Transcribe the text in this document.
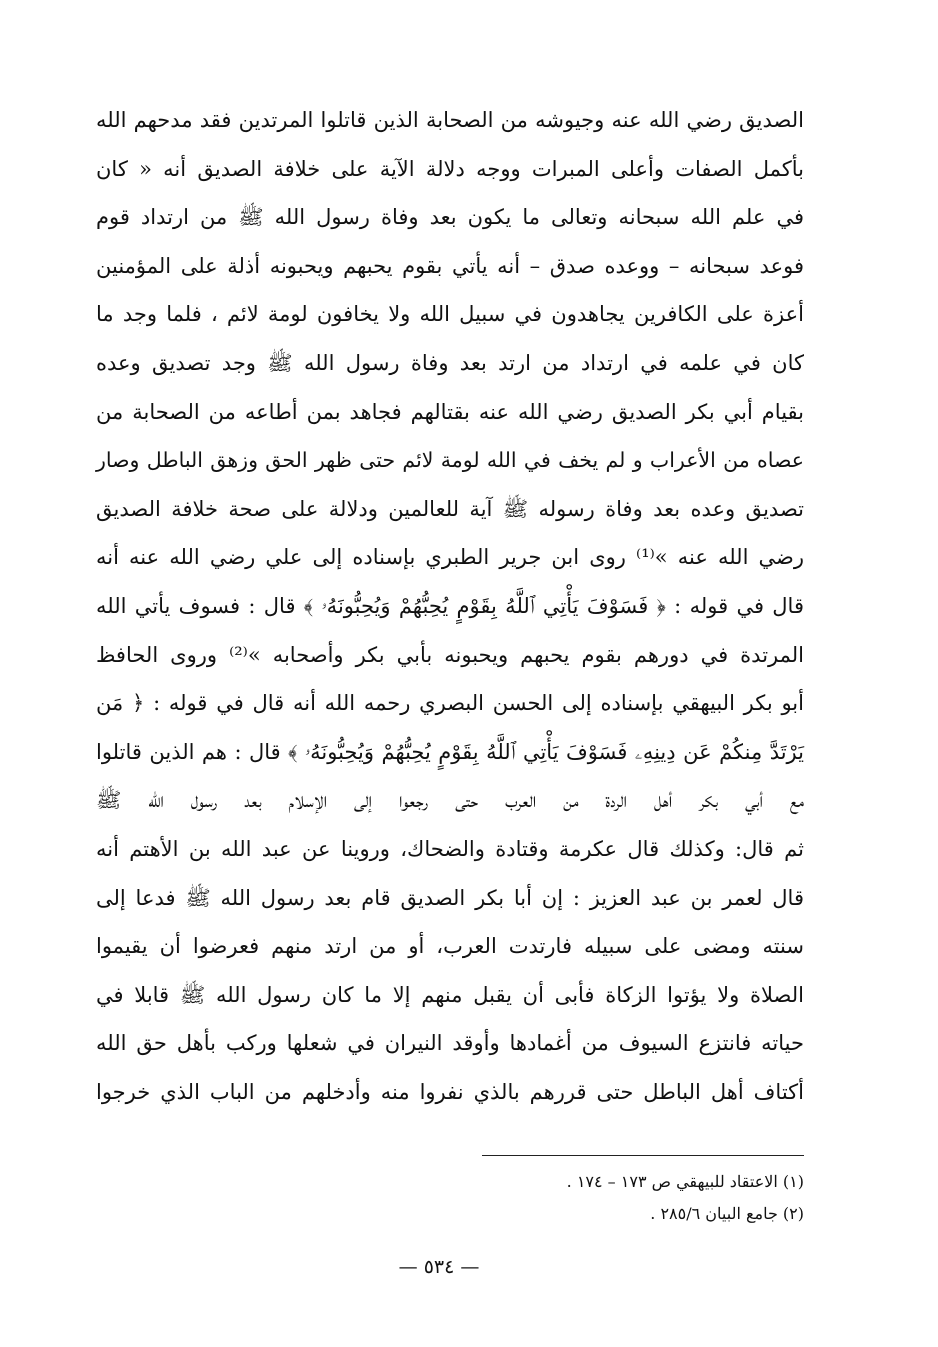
الصديق رضي الله عنه وجيوشه من الصحابة الذين قاتلوا المرتدين فقد مدحهم الله
بأكمل الصفات وأعلى المبرات ووجه دلالة الآية على خلافة الصديق أنه « كان
في علم الله سبحانه وتعالى ما يكون بعد وفاة رسول الله ﷺ من ارتداد قوم
فوعد سبحانه – ووعده صدق – أنه يأتي بقوم يحبهم ويحبونه أذلة على المؤمنين
أعزة على الكافرين يجاهدون في سبيل الله ولا يخافون لومة لائم ، فلما وجد ما
كان في علمه في ارتداد من ارتد بعد وفاة رسول الله ﷺ وجد تصديق وعده
بقيام أبي بكر الصديق رضي الله عنه بقتالهم فجاهد بمن أطاعه من الصحابة من
عصاه من الأعراب و لم يخف في الله لومة لائم حتى ظهر الحق وزهق الباطل وصار
تصديق وعده بعد وفاة رسوله ﷺ آية للعالمين ودلالة على صحة خلافة الصديق
رضي الله عنه »⁽¹⁾ روى ابن جرير الطبري بإسناده إلى علي رضي الله عنه أنه
قال في قوله : ﴿ فَسَوْفَ يَأْتِي ٱللَّهُ بِقَوْمٍ يُحِبُّهُمْ وَيُحِبُّونَهُۥ ﴾ قال : فسوف يأتي الله
المرتدة في دورهم بقوم يحبهم ويحبونه بأبي بكر وأصحابه »⁽²⁾ وروى الحافظ
أبو بكر البيهقي بإسناده إلى الحسن البصري رحمه الله أنه قال في قوله : ﴿ مَن
يَرْتَدَّ مِنكُمْ عَن دِينِهِۦ فَسَوْفَ يَأْتِي ٱللَّهُ بِقَوْمٍ يُحِبُّهُمْ وَيُحِبُّونَهُۥ ﴾ قال : هم الذين قاتلوا
مع أبي بكر أهل الردة من العرب حتى رجعوا إلى الإسلام بعد رسول الله ﷺ
ثم قال: وكذلك قال عكرمة وقتادة والضحاك، وروينا عن عبد الله بن الأهتم أنه
قال لعمر بن عبد العزيز : إن أبا بكر الصديق قام بعد رسول الله ﷺ فدعا إلى
سنته ومضى على سبيله فارتدت العرب، أو من ارتد منهم فعرضوا أن يقيموا
الصلاة ولا يؤتوا الزكاة فأبى أن يقبل منهم إلا ما كان رسول الله ﷺ قابلا في
حياته فانتزع السيوف من أغمادها وأوقد النيران في شعلها وركب بأهل حق الله
أكتاف أهل الباطل حتى قررهم بالذي نفروا منه وأدخلهم من الباب الذي خرجوا
(١) الاعتقاد للبيهقي ص ١٧٣ – ١٧٤ .
(٢) جامع البيان ٢٨٥/٦ .
— ٥٣٤ —
